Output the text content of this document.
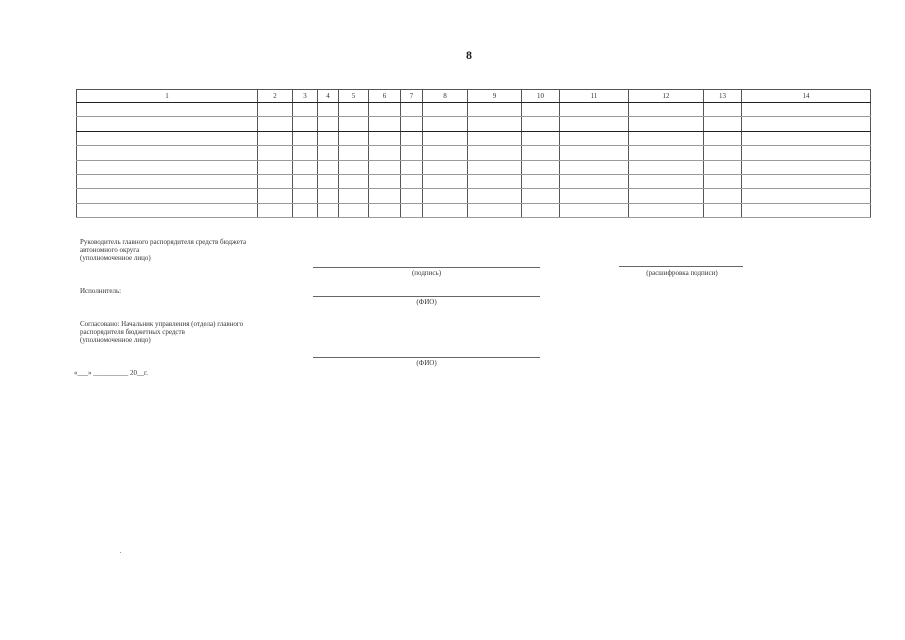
8
1	2	3	4	5	6	7	8	9	10	11	12	13	14

Руководитель главного распорядителя средств бюджета
автономного округа
(уполномоченное лицо)
(подпись)	(расшифровка подписи)
Исполнитель:
(ФИО)
Согласовано: Начальник управления (отдела) главного
распорядителя бюджетных средств
(уполномоченное лицо)
(ФИО)
«___» __________ 20__г.
